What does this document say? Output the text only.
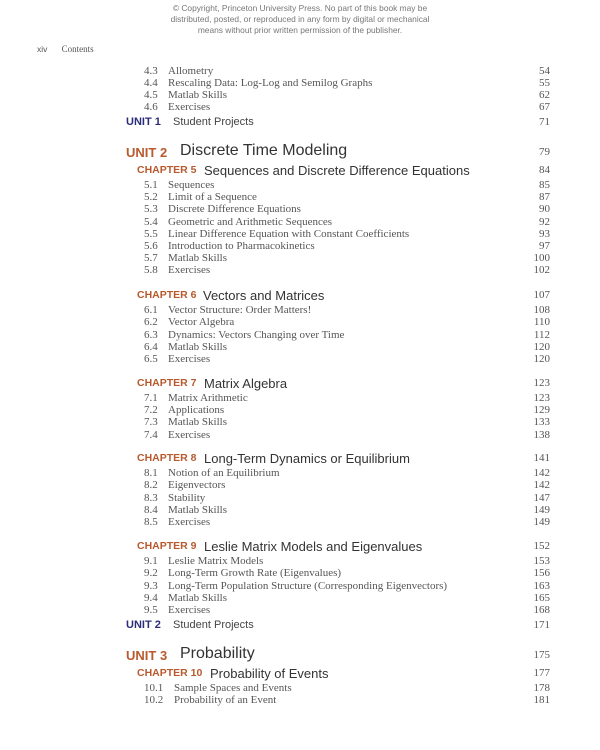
© Copyright, Princeton University Press. No part of this book may be
distributed, posted, or reproduced in any form by digital or mechanical
means without prior written permission of the publisher.
xiv Contents
4.3 Allometry	54
4.4 Rescaling Data: Log-Log and Semilog Graphs	55
4.5 Matlab Skills	62
4.6 Exercises	67
UNIT 1 Student Projects	71
UNIT 2 Discrete Time Modeling	79
CHAPTER 5 Sequences and Discrete Difference Equations	84
5.1 Sequences	85
5.2 Limit of a Sequence	87
5.3 Discrete Difference Equations	90
5.4 Geometric and Arithmetic Sequences	92
5.5 Linear Difference Equation with Constant Coefficients	93
5.6 Introduction to Pharmacokinetics	97
5.7 Matlab Skills	100
5.8 Exercises	102
CHAPTER 6 Vectors and Matrices	107
6.1 Vector Structure: Order Matters!	108
6.2 Vector Algebra	110
6.3 Dynamics: Vectors Changing over Time	112
6.4 Matlab Skills	120
6.5 Exercises	120
CHAPTER 7 Matrix Algebra	123
7.1 Matrix Arithmetic	123
7.2 Applications	129
7.3 Matlab Skills	133
7.4 Exercises	138
CHAPTER 8 Long-Term Dynamics or Equilibrium	141
8.1 Notion of an Equilibrium	142
8.2 Eigenvectors	142
8.3 Stability	147
8.4 Matlab Skills	149
8.5 Exercises	149
CHAPTER 9 Leslie Matrix Models and Eigenvalues	152
9.1 Leslie Matrix Models	153
9.2 Long-Term Growth Rate (Eigenvalues)	156
9.3 Long-Term Population Structure (Corresponding Eigenvectors)	163
9.4 Matlab Skills	165
9.5 Exercises	168
UNIT 2 Student Projects	171
UNIT 3 Probability	175
CHAPTER 10 Probability of Events	177
10.1 Sample Spaces and Events	178
10.2 Probability of an Event	181
